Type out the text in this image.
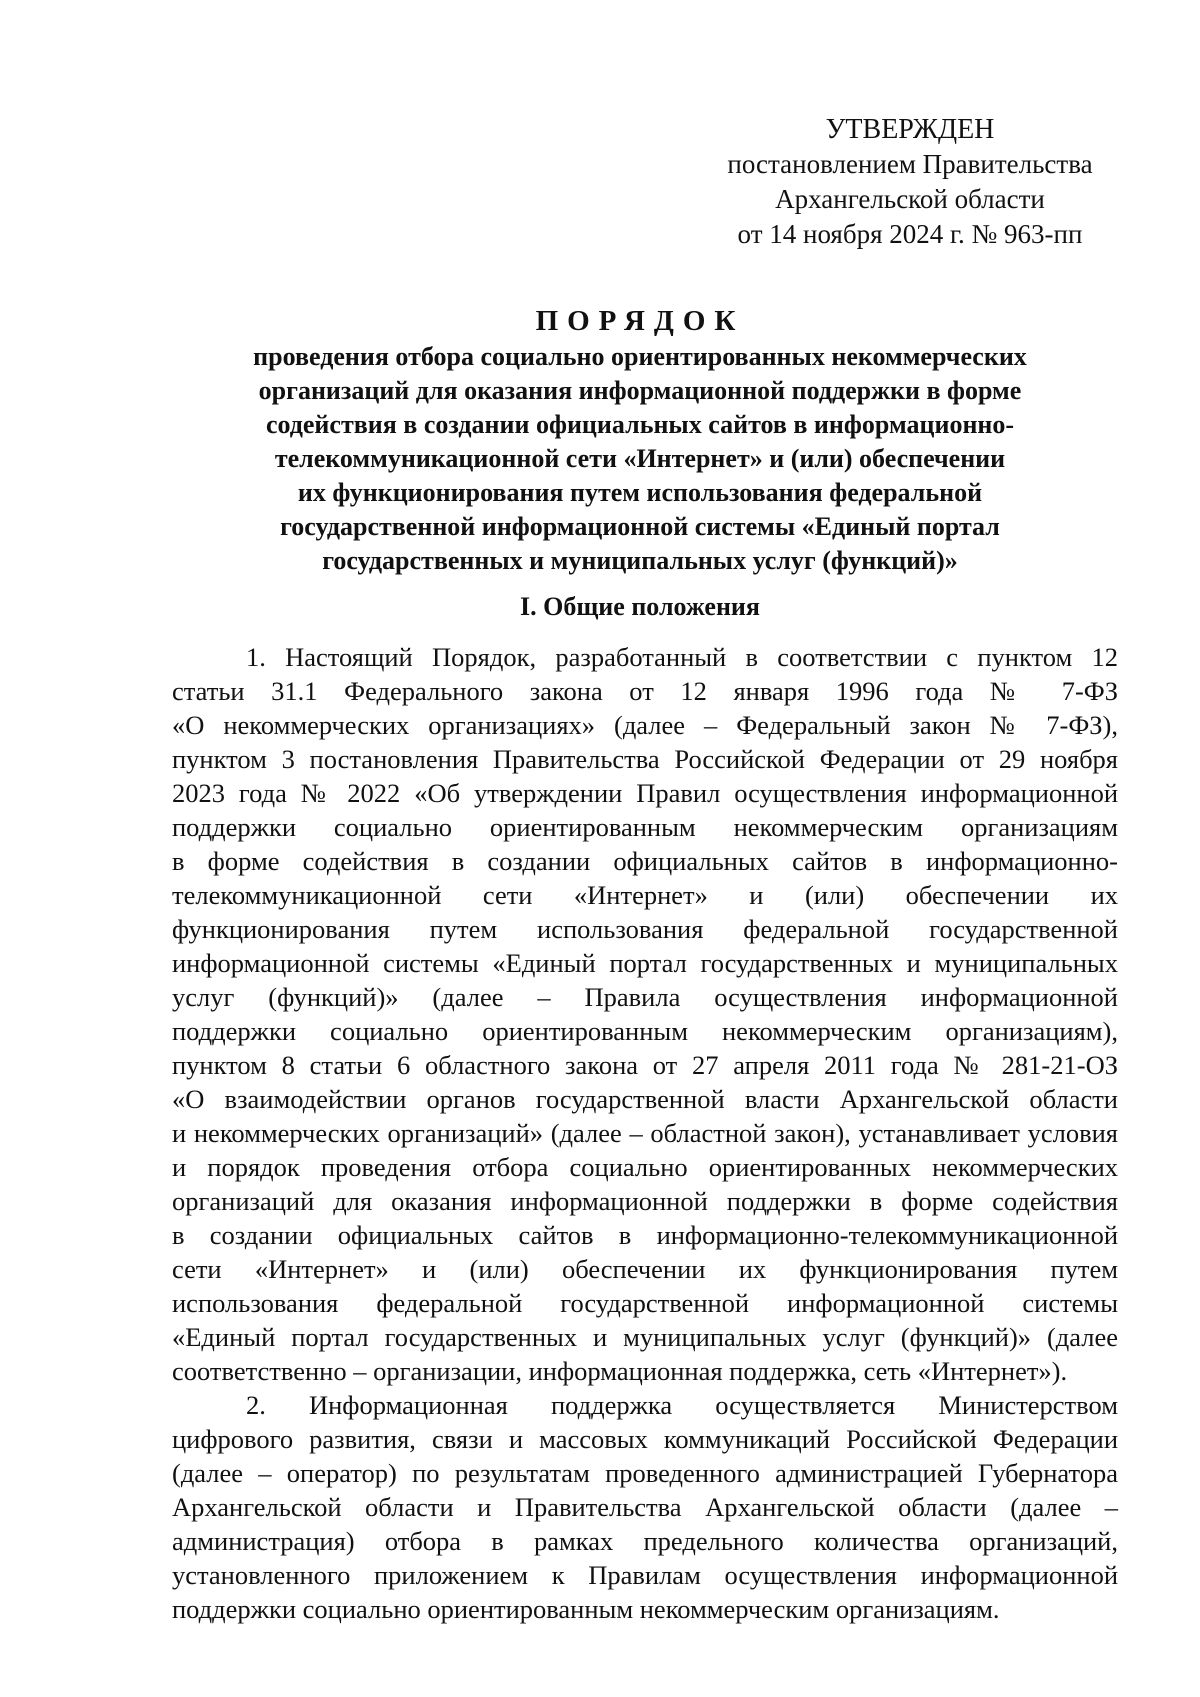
УТВЕРЖДЕН
постановлением Правительства
Архангельской области
от 14 ноября 2024 г. № 963-пп
ПОРЯДОК
проведения отбора социально ориентированных некоммерческих
организаций для оказания информационной поддержки в форме
содействия в создании официальных сайтов в информационно-
телекоммуникационной сети «Интернет» и (или) обеспечении
их функционирования путем использования федеральной
государственной информационной системы «Единый портал
государственных и муниципальных услуг (функций)»
I. Общие положения
1. Настоящий Порядок, разработанный в соответствии с пунктом 12
статьи 31.1 Федерального закона от 12 января 1996 года № 7-ФЗ
«О некоммерческих организациях» (далее – Федеральный закон № 7-ФЗ),
пунктом 3 постановления Правительства Российской Федерации от 29 ноября
2023 года № 2022 «Об утверждении Правил осуществления информационной
поддержки социально ориентированным некоммерческим организациям
в форме содействия в создании официальных сайтов в информационно-
телекоммуникационной сети «Интернет» и (или) обеспечении их
функционирования путем использования федеральной государственной
информационной системы «Единый портал государственных и муниципальных
услуг (функций)» (далее – Правила осуществления информационной
поддержки социально ориентированным некоммерческим организациям),
пунктом 8 статьи 6 областного закона от 27 апреля 2011 года № 281-21-ОЗ
«О взаимодействии органов государственной власти Архангельской области
и некоммерческих организаций» (далее – областной закон), устанавливает условия
и порядок проведения отбора социально ориентированных некоммерческих
организаций для оказания информационной поддержки в форме содействия
в создании официальных сайтов в информационно-телекоммуникационной
сети «Интернет» и (или) обеспечении их функционирования путем
использования федеральной государственной информационной системы
«Единый портал государственных и муниципальных услуг (функций)» (далее
соответственно – организации, информационная поддержка, сеть «Интернет»).
2. Информационная поддержка осуществляется Министерством
цифрового развития, связи и массовых коммуникаций Российской Федерации
(далее – оператор) по результатам проведенного администрацией Губернатора
Архангельской области и Правительства Архангельской области (далее –
администрация) отбора в рамках предельного количества организаций,
установленного приложением к Правилам осуществления информационной
поддержки социально ориентированным некоммерческим организациям.
